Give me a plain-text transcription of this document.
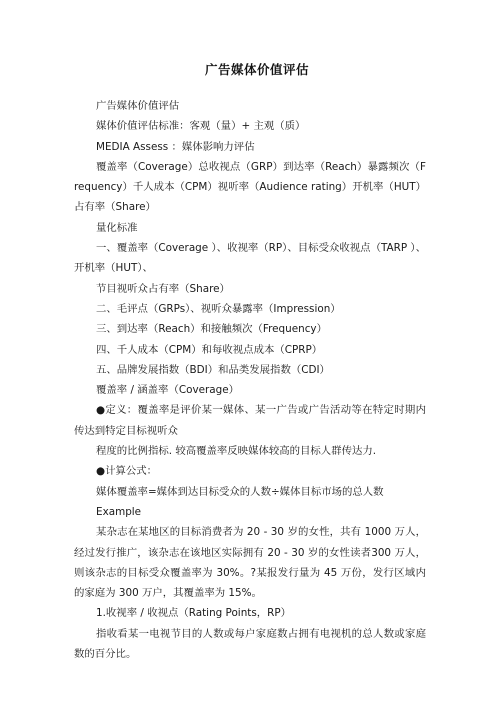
广告媒体价值评估

广告媒体价值评估

媒体价值评估标准：客观（量）+ 主观（质）

MEDIA Assess ：媒体影响力评估

覆盖率（Coverage）总收视点（GRP）到达率（Reach）暴露频次（Frequency）千人成本（CPM）视听率（Audience rating）开机率（HUT）占有率（Share）

量化标准

一、覆盖率（Coverage ）、收视率（RP）、目标受众收视点（TARP ）、开机率（HUT）、

节目视听众占有率（Share）

二、毛评点（GRPs）、视听众暴露率（Impression）

三、到达率（Reach）和接触频次（Frequency）

四、千人成本（CPM）和每收视点成本（CPRP）

五、品牌发展指数（BDI）和品类发展指数（CDI）

覆盖率 / 涵盖率（Coverage）

●定义：覆盖率是评价某一媒体、某一广告或广告活动等在特定时期内传达到特定目标视听众

程度的比例指标. 较高覆盖率反映媒体较高的目标人群传达力.

●计算公式：

媒体覆盖率=媒体到达目标受众的人数÷媒体目标市场的总人数

Example

某杂志在某地区的目标消费者为 20 - 30 岁的女性，共有 1000 万人，经过发行推广，该杂志在该地区实际拥有 20 - 30 岁的女性读者300 万人，则该杂志的目标受众覆盖率为 30%。?某报发行量为 45 万份，发行区域内的家庭为 300 万户，其覆盖率为 15%。

1.收视率 / 收视点（Rating Points，RP）

指收看某一电视节目的人数或每户家庭数占拥有电视机的总人数或家庭数的百分比。
